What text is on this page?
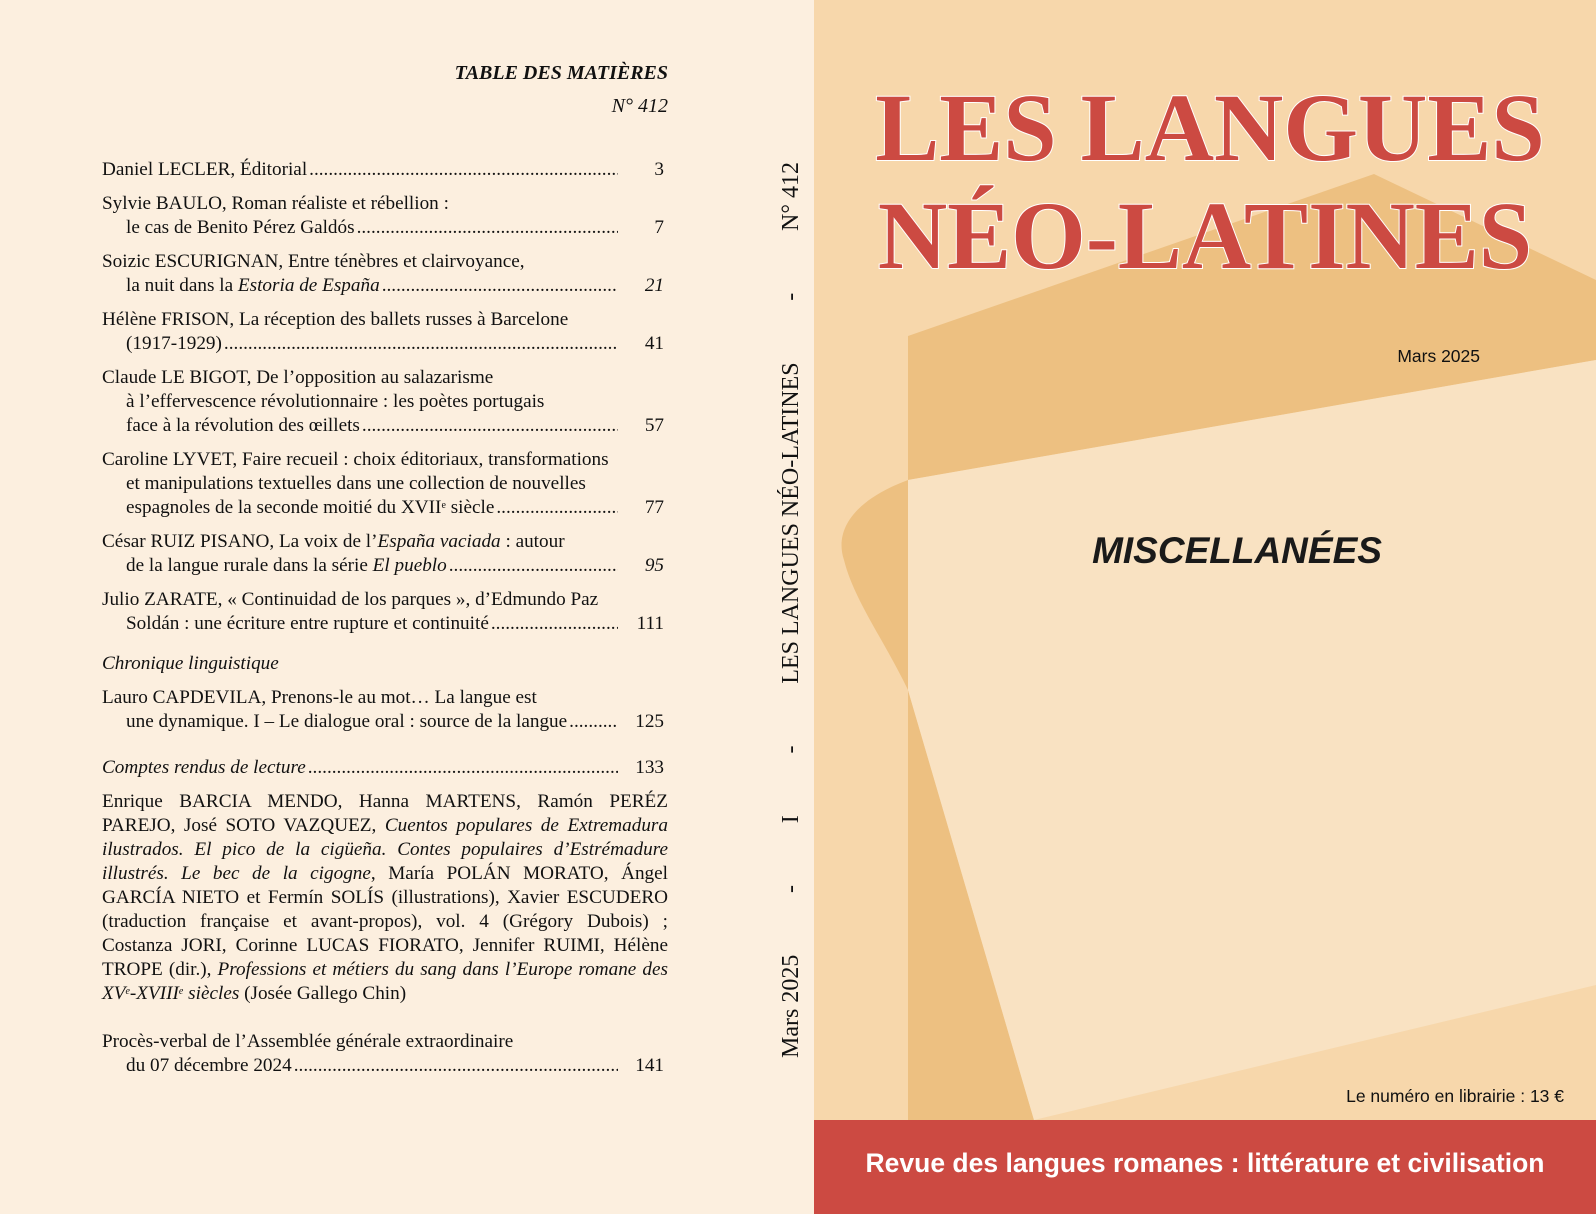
TABLE DES MATIÈRES
N° 412
Daniel LECLER, Éditorial .....	3
Sylvie BAULO, Roman réaliste et rébellion :
le cas de Benito Pérez Galdós .....	7
Soizic ESCURIGNAN, Entre ténèbres et clairvoyance,
la nuit dans la Estoria de España .....	21
Hélène FRISON, La réception des ballets russes à Barcelone
(1917-1929) .....	41
Claude LE BIGOT, De l’opposition au salazarisme
à l’effervescence révolutionnaire : les poètes portugais
face à la révolution des œillets .....	57
Caroline LYVET, Faire recueil : choix éditoriaux, transformations
et manipulations textuelles dans une collection de nouvelles
espagnoles de la seconde moitié du XVIIe siècle .....	77
César RUIZ PISANO, La voix de l’España vaciada : autour
de la langue rurale dans la série El pueblo .....	95
Julio ZARATE, « Continuidad de los parques », d’Edmundo Paz
Soldán : une écriture entre rupture et continuité .....	111
Chronique linguistique
Lauro CAPDEVILA, Prenons-le au mot… La langue est
une dynamique. I – Le dialogue oral : source de la langue .....	125
Comptes rendus de lecture .....	133

Enrique BARCIA MENDO, Hanna MARTENS, Ramón PERÉZ PAREJO, José SOTO VAZQUEZ, Cuentos populares de Extremadura ilustrados. El pico de la cigüeña. Contes populaires d’Estrémadure illustrés. Le bec de la cigogne, María POLÁN MORATO, Ángel GARCÍA NIETO et Fermín SOLÍS (illustrations), Xavier ESCUDERO (traduction française et avant-propos), vol. 4 (Grégory Dubois) ; Costanza JORI, Corinne LUCAS FIORATO, Jennifer RUIMI, Hélène TROPE (dir.), Professions et métiers du sang dans l’Europe romane des XVe-XVIIIe siècles (Josée Gallego Chin)

Procès-verbal de l’Assemblée générale extraordinaire
du 07 décembre 2024 .....	141
Mars 2025
-
I
-
LES LANGUES NÉO-LATINES
-
N° 412
LES LANGUES
NÉO-LATINES
Mars 2025
MISCELLANÉES
Le numéro en librairie : 13 €
Revue des langues romanes : littérature et civilisation
